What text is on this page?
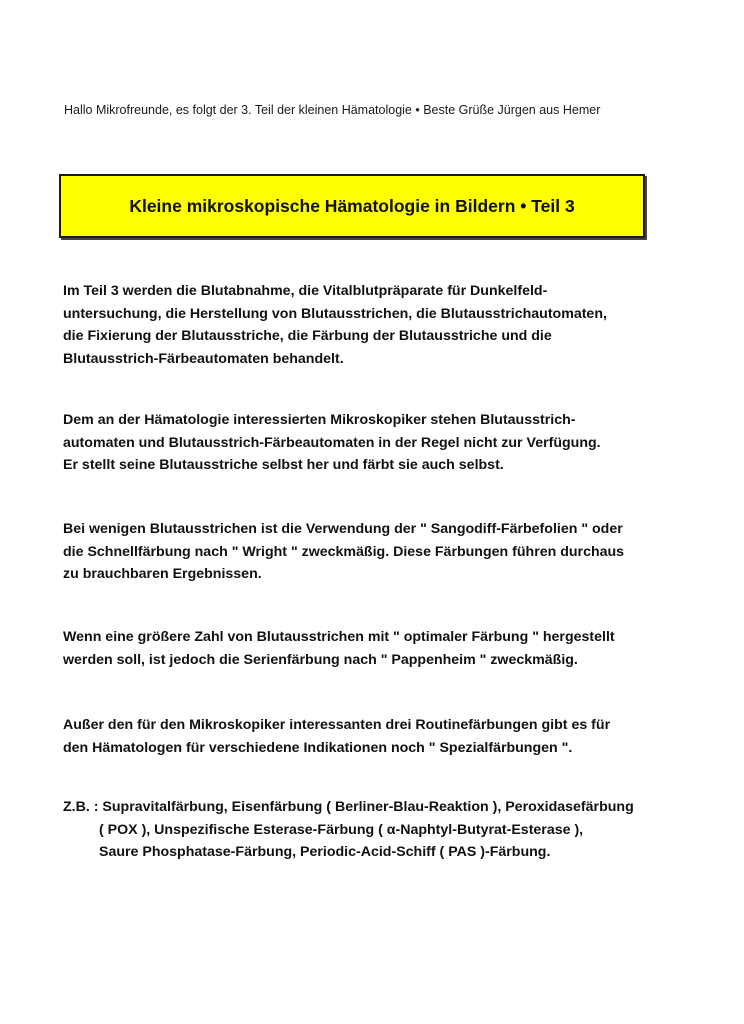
Hallo Mikrofreunde, es folgt der 3. Teil der kleinen Hämatologie • Beste Grüße Jürgen aus Hemer
Kleine mikroskopische Hämatologie in Bildern • Teil 3
Im Teil 3 werden die Blutabnahme, die Vitalblutpräparate für Dunkelfeld-
untersuchung, die Herstellung von Blutausstrichen, die Blutausstrichautomaten,
die Fixierung der Blutausstriche, die Färbung der Blutausstriche und die
Blutausstrich-Färbeautomaten behandelt.
Dem an der Hämatologie interessierten Mikroskopiker stehen Blutausstrich-
automaten und Blutausstrich-Färbeautomaten in der Regel nicht zur Verfügung.
Er stellt seine Blutausstriche selbst her und färbt sie auch selbst.
Bei wenigen Blutausstrichen ist die Verwendung der " Sangodiff-Färbefolien " oder
die Schnellfärbung nach " Wright " zweckmäßig. Diese Färbungen führen durchaus
zu brauchbaren Ergebnissen.
Wenn eine größere Zahl von Blutausstrichen mit " optimaler Färbung " hergestellt
werden soll, ist jedoch die Serienfärbung nach " Pappenheim " zweckmäßig.
Außer den für den Mikroskopiker interessanten drei Routinefärbungen gibt es für
den Hämatologen für verschiedene Indikationen noch " Spezialfärbungen ".
Z.B. : Supravitalfärbung, Eisenfärbung ( Berliner-Blau-Reaktion ), Peroxidasefärbung
( POX ), Unspezifische Esterase-Färbung ( α-Naphtyl-Butyrat-Esterase ),
Saure Phosphatase-Färbung, Periodic-Acid-Schiff ( PAS )-Färbung.
